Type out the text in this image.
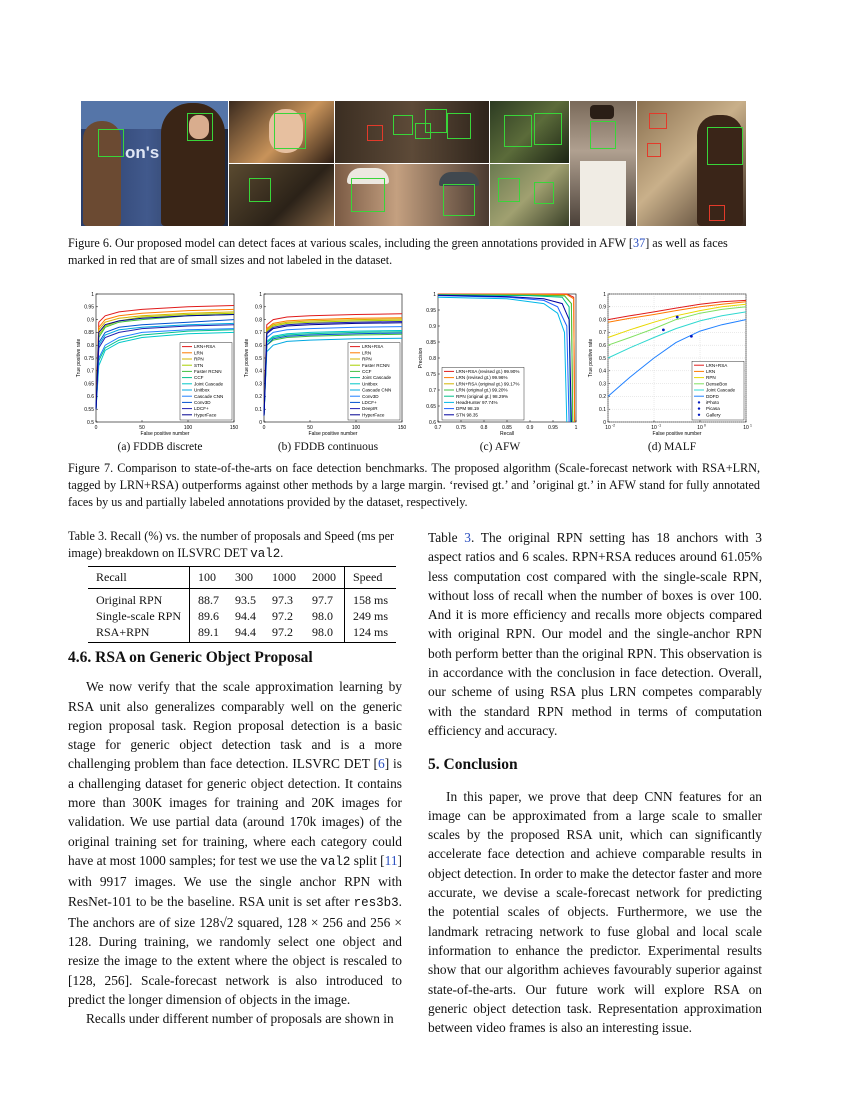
on's
Figure 6. Our proposed model can detect faces at various scales, including the green annotations provided in AFW [37] as well as faces marked in red that are of small sizes and not labeled in the dataset.
0.5
0.55
0.6
0.65
0.7
0.75
0.8
0.85
0.9
0.95
1
0	50	100	150
False positive number
True positive rate	LRN+RSA
LRN
RPN
STN
Faster RCNN
CCF
Joint Cascade
Unitbox
Cascade CNN
Conv3D
LDCF+
HyperFace
0
0.1
0.2
0.3
0.4
0.5
0.6
0.7
0.8
0.9
1
0	50	100	150
False positive number
True positive rate	LRN+RSA
LRN
RPN
Faster RCNN
CCF
Joint Cascade
Unitbox
Cascade CNN
Conv3D
LDCF+
DeepIR
HyperFace
0.6
0.65
0.7
0.75
0.8
0.85
0.9
0.95
1
0.7	0.75	0.8	0.85	0.9	0.95	1
Recall
Precision
LRN+RSA (revised gt.) 99.90%
LRN (revised gt.) 99.96%
LRN+RSA (original gt.) 99.17%
LRN (original gt.) 99.20%
RPN (original gt.) 98.29%
HeadHunter 97.74%
DPM 98.19
STN 98.35
0
0.1
0.2
0.3
0.4
0.5
0.6
0.7
0.8
0.9
1
10 -2	10 -1	10 0	10 1
False positive number
True positive rate	LRN+RSA
LRN
RPN
DenseBox
Joint Cascade
DDFD
iPhoto
Picasa
Gallery
(a) FDDB discrete	(b) FDDB continuous	(c) AFW	(d) MALF
Figure 7. Comparison to state-of-the-arts on face detection benchmarks. The proposed algorithm (Scale-forecast network with RSA+LRN, tagged by LRN+RSA) outperforms against other methods by a large margin. ‘revised gt.’ and ’original gt.’ in AFW stand for fully annotated faces by us and partially labeled annotations provided by the dataset, respectively.
Table 3. Recall (%) vs. the number of proposals and Speed (ms per image) breakdown on ILSVRC DET val2.
Recall	100	300	1000	2000	Speed
Original RPN	88.7	93.5	97.3	97.7	158 ms
Single-scale RPN	89.6	94.4	97.2	98.0	249 ms
RSA+RPN	89.1	94.4	97.2	98.0	124 ms
4.6. RSA on Generic Object Proposal

We now verify that the scale approximation learning by RSA unit also generalizes comparably well on the generic region proposal task. Region proposal detection is a basic stage for generic object detection task and is a more challenging problem than face detection. ILSVRC DET [6] is a challenging dataset for generic object detection. It contains more than 300K images for training and 20K images for validation. We use partial data (around 170k images) of the original training set for training, where each category could have at most 1000 samples; for test we use the val2 split [11] with 9917 images. We use the single anchor RPN with ResNet-101 to be the baseline. RSA unit is set after res3b3. The anchors are of size 128√2 squared, 128 × 256 and 256 × 128. During training, we randomly select one object and resize the image to the extent where the object is rescaled to [128, 256]. Scale-forecast network is also introduced to predict the longer dimension of objects in the image.

Recalls under different number of proposals are shown in

Table 3. The original RPN setting has 18 anchors with 3 aspect ratios and 6 scales. RPN+RSA reduces around 61.05% less computation cost compared with the single-scale RPN, without loss of recall when the number of boxes is over 100. And it is more efficiency and recalls more objects compared with original RPN. Our model and the single-anchor RPN both perform better than the original RPN. This observation is in accordance with the conclusion in face detection. Overall, our scheme of using RSA plus LRN competes comparably with the standard RPN method in terms of computation efficiency and accuracy.

5. Conclusion

In this paper, we prove that deep CNN features for an image can be approximated from a large scale to smaller scales by the proposed RSA unit, which can significantly accelerate face detection and achieve comparable results in object detection. In order to make the detector faster and more accurate, we devise a scale-forecast network for predicting the potential scales of objects. Furthermore, we use the landmark retracing network to fuse global and local scale information to enhance the predictor. Experimental results show that our algorithm achieves favourably superior against state-of-the-arts. Our future work will explore RSA on generic object detection task. Representation approximation between video frames is also an interesting issue.
